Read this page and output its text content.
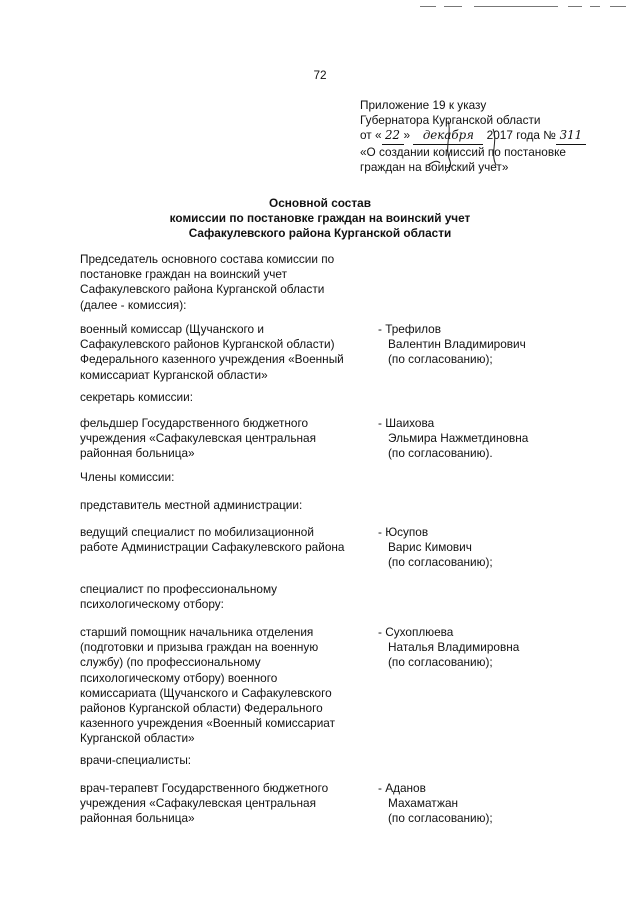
72
Приложение 19 к указу
Губернатора Курганской области
от « 22 » декабря 2017 года № 311
«О создании комиссий по постановке
граждан на воинский учет»
Основной состав
комиссии по постановке граждан на воинский учет
Сафакулевского района Курганской области
Председатель основного состава комиссии по
постановке граждан на воинский учет
Сафакулевского района Курганской области
(далее - комиссия):
военный комиссар (Щучанского и
Сафакулевского районов Курганской области)
Федерального казенного учреждения «Военный
комиссариат Курганской области»
- Трефилов
Валентин Владимирович
(по согласованию);
секретарь комиссии:
фельдшер Государственного бюджетного
учреждения «Сафакулевская центральная
районная больница»
- Шаихова
Эльмира Нажметдиновна
(по согласованию).
Члены комиссии:
представитель местной администрации:
ведущий специалист по мобилизационной
работе Администрации Сафакулевского района
- Юсупов
Варис Кимович
(по согласованию);
специалист по профессиональному
психологическому отбору:
старший помощник начальника отделения
(подготовки и призыва граждан на военную
службу) (по профессиональному
психологическому отбору) военного
комиссариата (Щучанского и Сафакулевского
районов Курганской области) Федерального
казенного учреждения «Военный комиссариат
Курганской области»
- Сухоплюева
Наталья Владимировна
(по согласованию);
врачи-специалисты:
врач-терапевт Государственного бюджетного
учреждения «Сафакулевская центральная
районная больница»
- Аданов
Махаматжан
(по согласованию);
